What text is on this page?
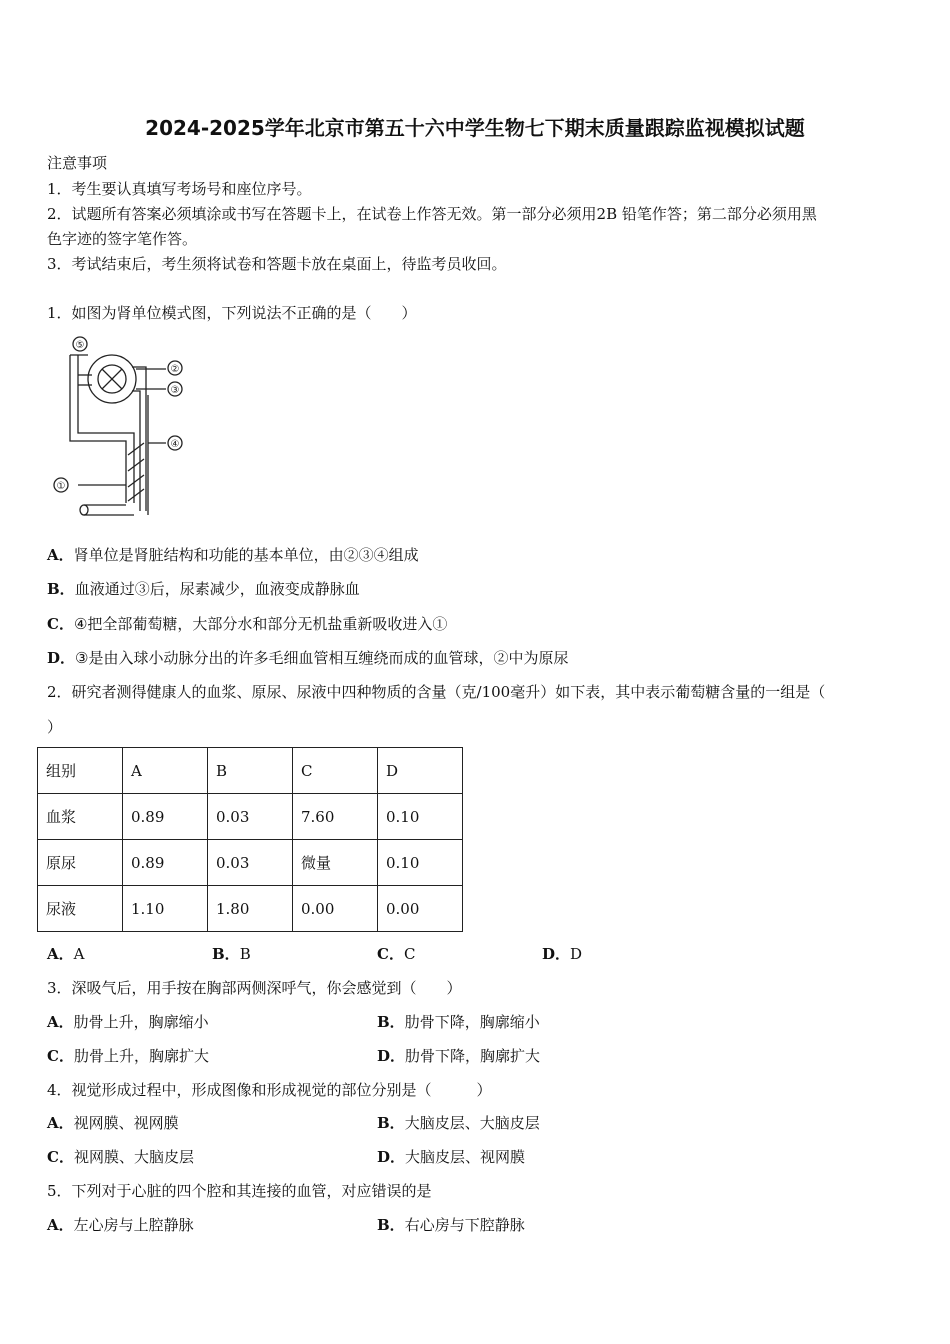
2024-2025学年北京市第五十六中学生物七下期末质量跟踪监视模拟试题
注意事项
1．考生要认真填写考场号和座位序号。
2．试题所有答案必须填涂或书写在答题卡上，在试卷上作答无效。第一部分必须用2B 铅笔作答；第二部分必须用黑
色字迹的签字笔作答。
3．考试结束后，考生须将试卷和答题卡放在桌面上，待监考员收回。
1．如图为肾单位模式图，下列说法不正确的是（　　）
⑤
②
③
④
①
A．肾单位是肾脏结构和功能的基本单位，由②③④组成
B．血液通过③后，尿素减少，血液变成静脉血
C．④把全部葡萄糖，大部分水和部分无机盐重新吸收进入①
D．③是由入球小动脉分出的许多毛细血管相互缠绕而成的血管球，②中为原尿
2．研究者测得健康人的血浆、原尿、尿液中四种物质的含量（克/100毫升）如下表，其中表示葡萄糖含量的一组是（
）
组别	A	B	C	D
血浆	0.89	0.03	7.60	0.10
原尿	0.89	0.03	微量	0.10
尿液	1.10	1.80	0.00	0.00
A．A	B．B	C．C	D．D
3．深吸气后，用手按在胸部两侧深呼气，你会感觉到（　　）
A．肋骨上升，胸廓缩小	B．肋骨下降，胸廓缩小
C．肋骨上升，胸廓扩大	D．肋骨下降，胸廓扩大
4．视觉形成过程中，形成图像和形成视觉的部位分别是（　　　）
A．视网膜、视网膜	B．大脑皮层、大脑皮层
C．视网膜、大脑皮层	D．大脑皮层、视网膜
5．下列对于心脏的四个腔和其连接的血管，对应错误的是
A．左心房与上腔静脉	B．右心房与下腔静脉
